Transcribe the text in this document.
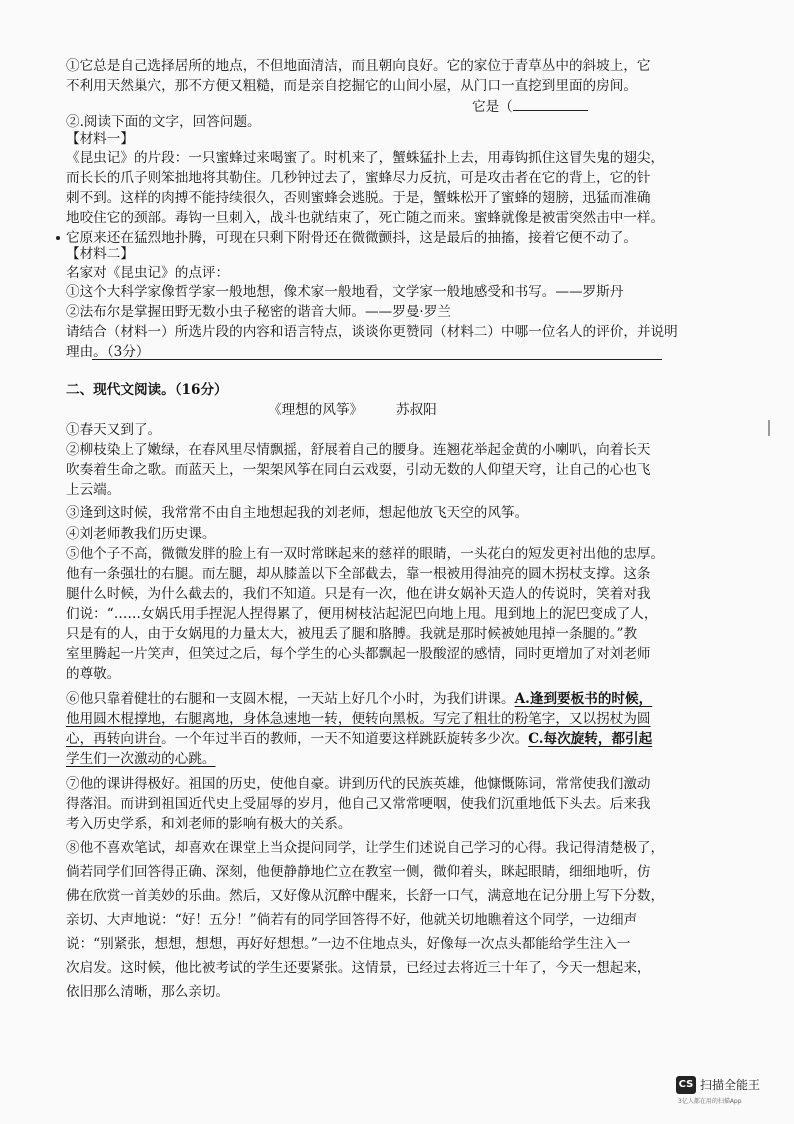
①它总是自己选择居所的地点，不但地面清洁，而且朝向良好。它的家位于青草丛中的斜坡上，它
不利用天然巢穴，那不方便又粗糙，而是亲自挖掘它的山间小屋，从门口一直挖到里面的房间。
它是（
②.阅读下面的文字，回答问题。
【材料一】
《昆虫记》的片段：一只蜜蜂过来喝蜜了。时机来了，蟹蛛猛扑上去，用毒钩抓住这冒失鬼的翅尖，
而长长的爪子则笨拙地将其勒住。几秒钟过去了，蜜蜂尽力反抗，可是攻击者在它的背上，它的针
刺不到。这样的肉搏不能持续很久，否则蜜蜂会逃脱。于是，蟹蛛松开了蜜蜂的翅膀，迅猛而准确
地咬住它的颈部。毒钩一旦刺入，战斗也就结束了，死亡随之而来。蜜蜂就像是被雷突然击中一样。
它原来还在猛烈地扑腾，可现在只剩下附骨还在微微颤抖，这是最后的抽搐，接着它便不动了。
【材料二】
名家对《昆虫记》的点评：
①这个大科学家像哲学家一般地想，像术家一般地看，文学家一般地感受和书写。——罗斯丹
②法布尔是掌握田野无数小虫子秘密的谐音大师。——罗曼·罗兰
请结合（材料一）所选片段的内容和语言特点，谈谈你更赞同（材料二）中哪一位名人的评价，并说明
理由。（3分）
二、现代文阅读。（16分）
《理想的风筝》	苏叔阳
①春天又到了。
②柳枝染上了嫩绿，在春风里尽情飘摇，舒展着自己的腰身。连翘花举起金黄的小喇叭，向着长天
吹奏着生命之歌。而蓝天上，一架架风筝在同白云戏耍，引动无数的人仰望天穹，让自己的心也飞
上云端。
③逢到这时候，我常常不由自主地想起我的刘老师，想起他放飞天空的风筝。
④刘老师教我们历史课。
⑤他个子不高，微微发胖的脸上有一双时常眯起来的慈祥的眼睛，一头花白的短发更衬出他的忠厚。
他有一条强壮的右腿。而左腿，却从膝盖以下全部截去，靠一根被用得油亮的圆木拐杖支撑。这条
腿什么时候，为什么截去的，我们不知道。只是有一次，他在讲女娲补天造人的传说时，笑着对我
们说：“……女娲氏用手捏泥人捏得累了，便用树枝沾起泥巴向地上甩。甩到地上的泥巴变成了人，
只是有的人，由于女娲甩的力量太大，被甩丢了腿和胳膊。我就是那时候被她甩掉一条腿的。”教
室里腾起一片笑声，但笑过之后，每个学生的心头都飘起一股酸涩的感情，同时更增加了对刘老师
的尊敬。
⑥他只靠着健壮的右腿和一支圆木棍，一天站上好几个小时，为我们讲课。A.逢到要板书的时候，
他用圆木棍撑地，右腿离地，身体急速地一转，便转向黑板。写完了粗壮的粉笔字，又以拐杖为圆
心，再转向讲台。一个年过半百的教师，一天不知道要这样跳跃旋转多少次。C.每次旋转，都引起
学生们一次激动的心跳。
⑦他的课讲得极好。祖国的历史，使他自豪。讲到历代的民族英雄，他慷慨陈词，常常使我们激动
得落泪。而讲到祖国近代史上受屈辱的岁月，他自己又常常哽咽，使我们沉重地低下头去。后来我
考入历史学系，和刘老师的影响有极大的关系。
⑧他不喜欢笔试，却喜欢在课堂上当众提问同学，让学生们述说自己学习的心得。我记得清楚极了，
倘若同学们回答得正确、深刻，他便静静地伫立在教室一侧，微仰着头，眯起眼睛，细细地听，仿
佛在欣赏一首美妙的乐曲。然后，又好像从沉醉中醒来，长舒一口气，满意地在记分册上写下分数，
亲切、大声地说：“好！五分！”倘若有的同学回答得不好，他就关切地瞧着这个同学，一边细声
说：“别紧张，想想，想想，再好好想想。”一边不住地点头，好像每一次点头都能给学生注入一
次启发。这时候，他比被考试的学生还要紧张。这情景，已经过去将近三十年了，今天一想起来，
依旧那么清晰，那么亲切。
CS 扫描全能王
3亿人都在用的扫描App
